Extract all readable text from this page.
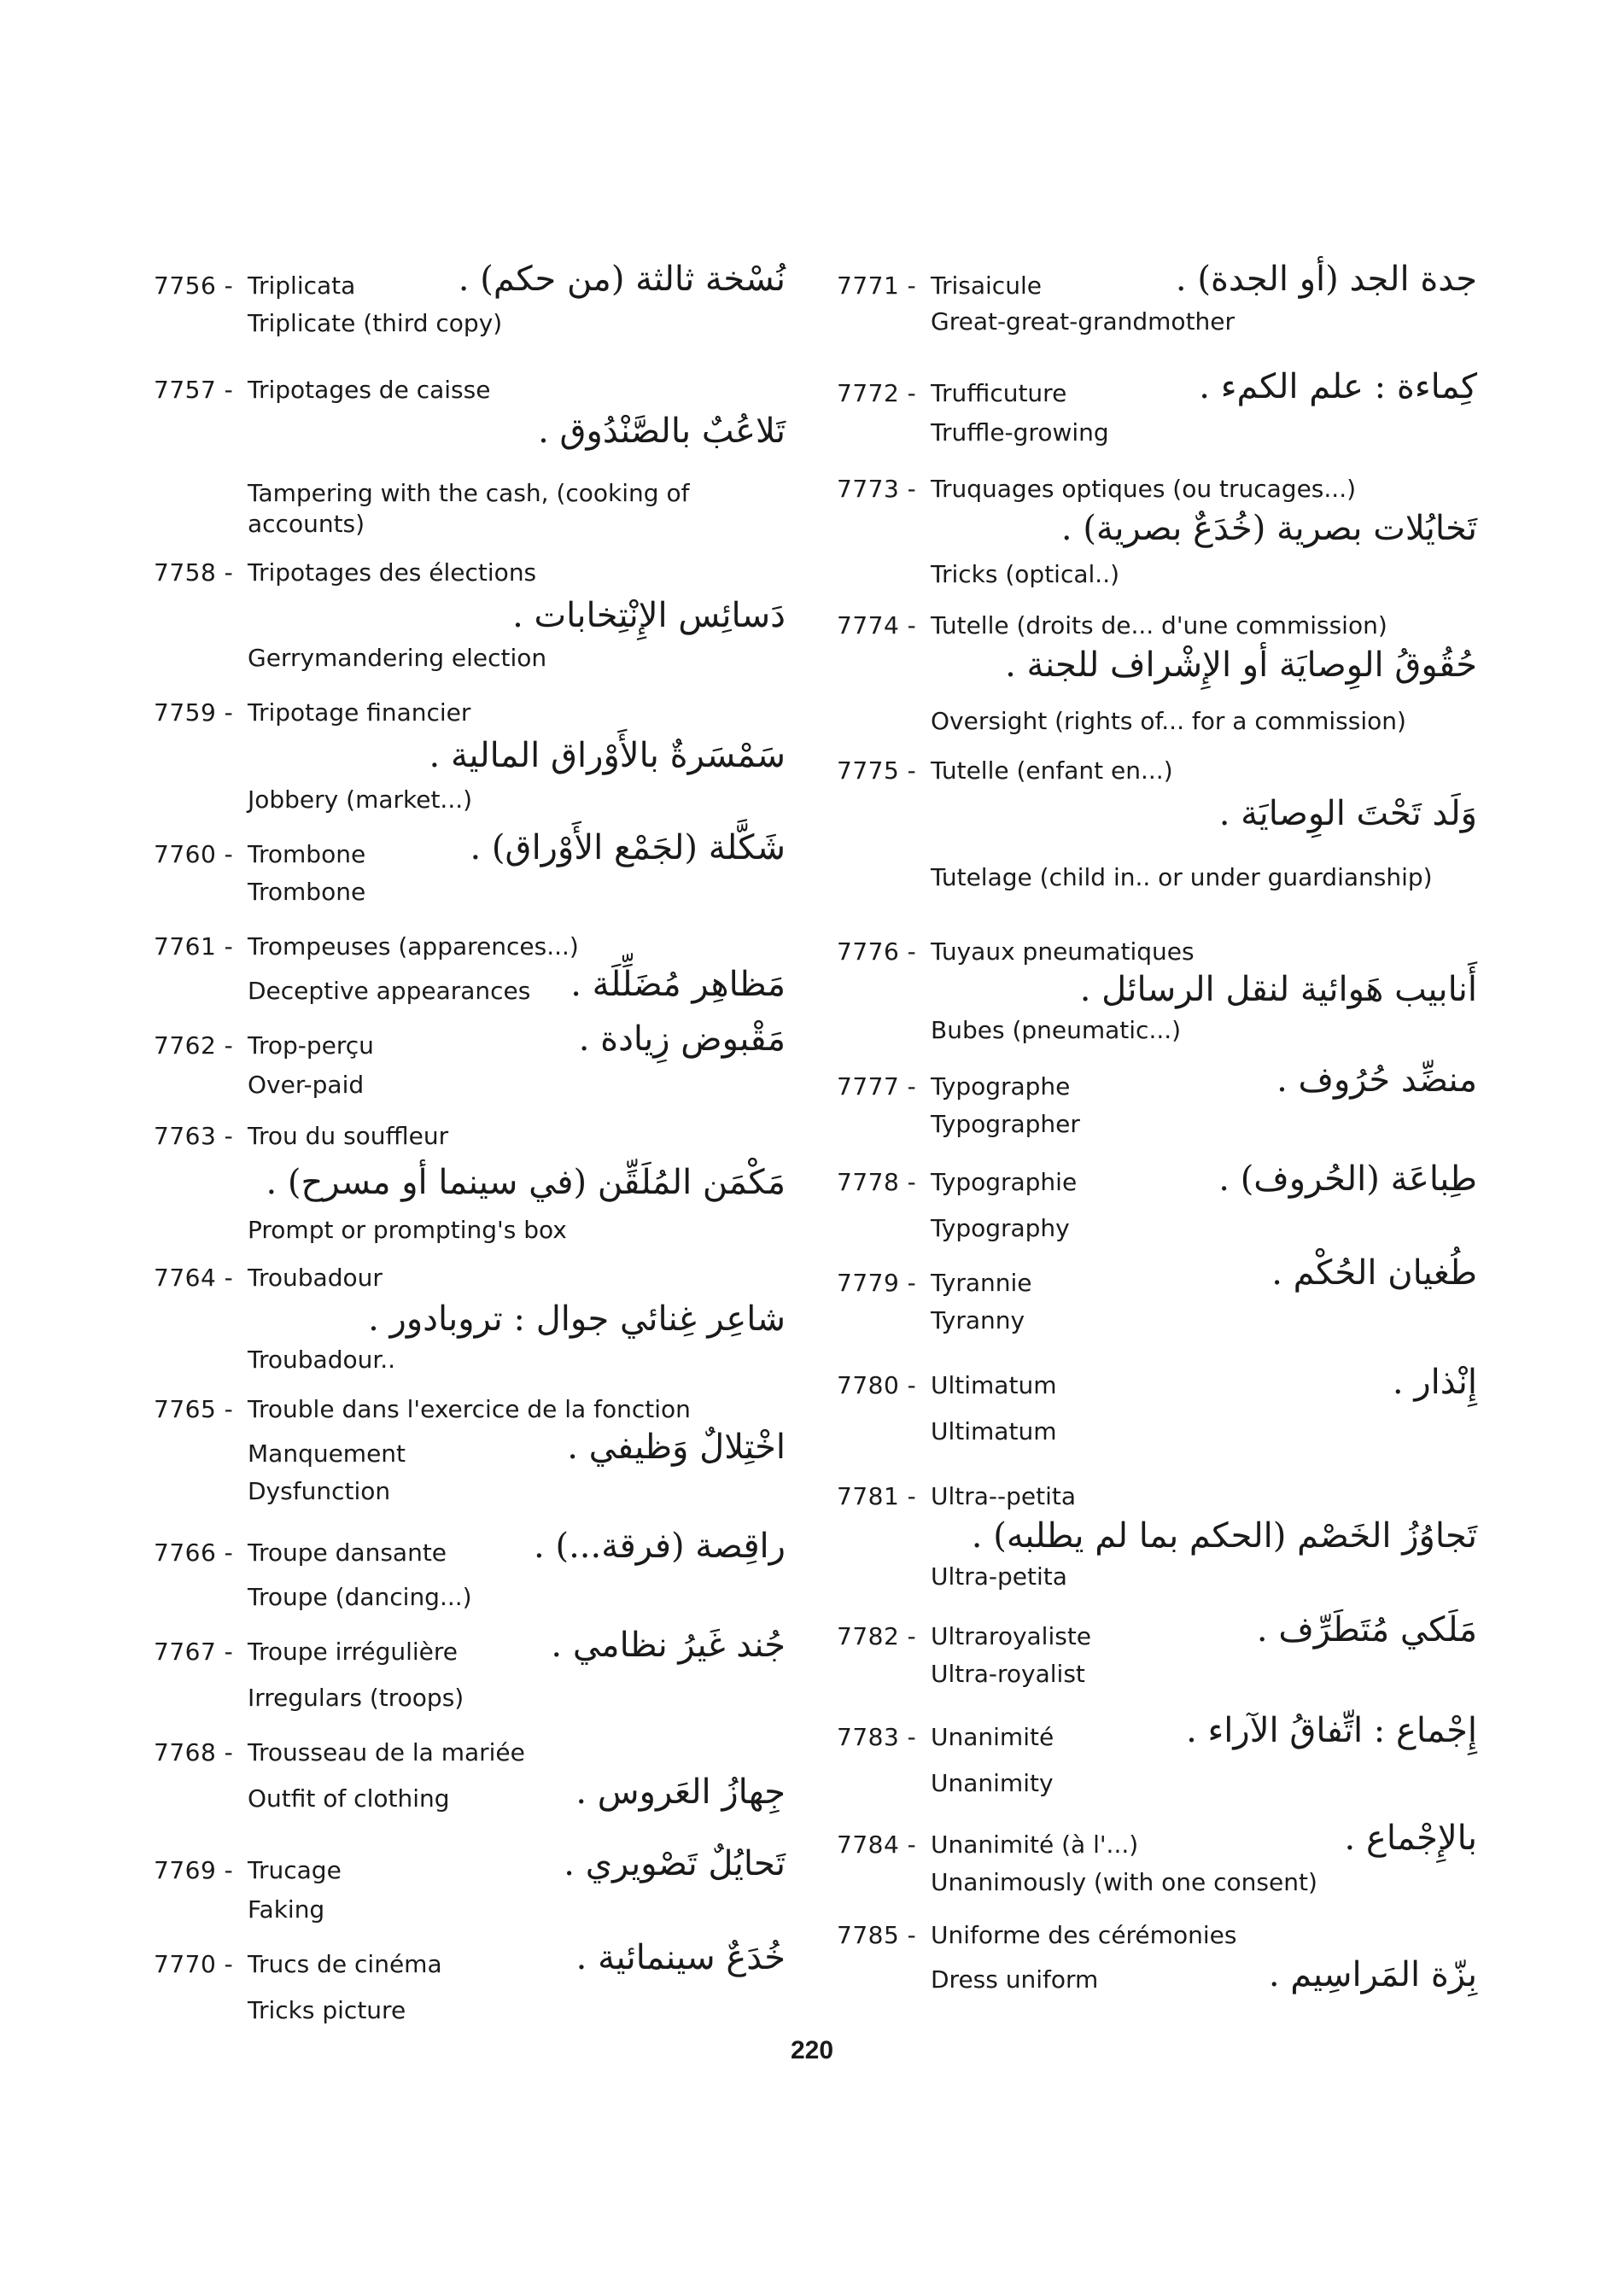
7756 - Triplicata	نُسْخة ثالثة (من حكم) .
Triplicate (third copy)
7757 - Tripotages de caisse
تَلاعُبٌ بالصَّنْدُوق .
Tampering with the cash, (cooking of accounts)
7758 - Tripotages des élections
دَسائِس الإِنْتِخابات .
Gerrymandering election
7759 - Tripotage financier
سَمْسَرةٌ بالأَوْراق المالية .
Jobbery (market...)
7760 - Trombone	شَكَّلة (لجَمْع الأَوْراق) .
Trombone
7761 - Trompeuses (apparences...)
Deceptive appearances مَظاهِر مُضَلِّلَة .
7762 - Trop-perçu	مَقْبوض زِيادة .
Over-paid
7763 - Trou du souffleur
مَكْمَن المُلَقِّن (في سينما أو مسرح) .
Prompt or prompting's box
7764 - Troubadour
شاعِر غِنائي جوال : تروبادور .
Troubadour..
7765 - Trouble dans l'exercice de la fonction
Manquement	اخْتِلالٌ وَظيفي .
Dysfunction
7766 - Troupe dansante	راقِصة (فرقة...) .
Troupe (dancing...)
7767 - Troupe irrégulière	جُند غَيرُ نظامي .
Irregulars (troops)
7768 - Trousseau de la mariée
Outfit of clothing	جِهازُ العَروس .
7769 - Trucage	تَحايُلٌ تَصْويري .
Faking
7770 - Trucs de cinéma	خُدَعٌ سينمائية .
Tricks picture
7771 - Trisaicule	جدة الجد (أو الجدة) .
Great-great-grandmother
7772 - Trufficuture	كِماءة : علم الكمء .
Truffle-growing
7773 - Truquages optiques (ou trucages...)
تَخايُلات بصرية (خُدَعٌ بصرية) .
Tricks (optical..)
7774 - Tutelle (droits de... d'une commission)
حُقُوقُ الوِصايَة أو الإِشْراف للجنة .
Oversight (rights of... for a commission)
7775 - Tutelle (enfant en...)
وَلَد تَحْتَ الوِصايَة .
Tutelage (child in.. or under guardianship)
7776 - Tuyaux pneumatiques
أَنابيب هَوائية لنقل الرسائل .
Bubes (pneumatic...)
7777 - Typographe	منضِّد حُرُوف .
Typographer
7778 - Typographie	طِباعَة (الحُروف) .
Typography
7779 - Tyrannie	طُغيان الحُكْم .
Tyranny
7780 - Ultimatum	إِنْذار .
Ultimatum
7781 - Ultra--petita
تَجاوُزُ الخَصْم (الحكم بما لم يطلبه) .
Ultra-petita
7782 - Ultraroyaliste	مَلَكي مُتَطَرِّف .
Ultra-royalist
7783 - Unanimité	إِجْماع : اتِّفاقُ الآراء .
Unanimity
7784 - Unanimité (à l'...)	بالإِجْماع .
Unanimously (with one consent)
7785 - Uniforme des cérémonies
Dress uniform	بِزّة المَراسِيم .
220
